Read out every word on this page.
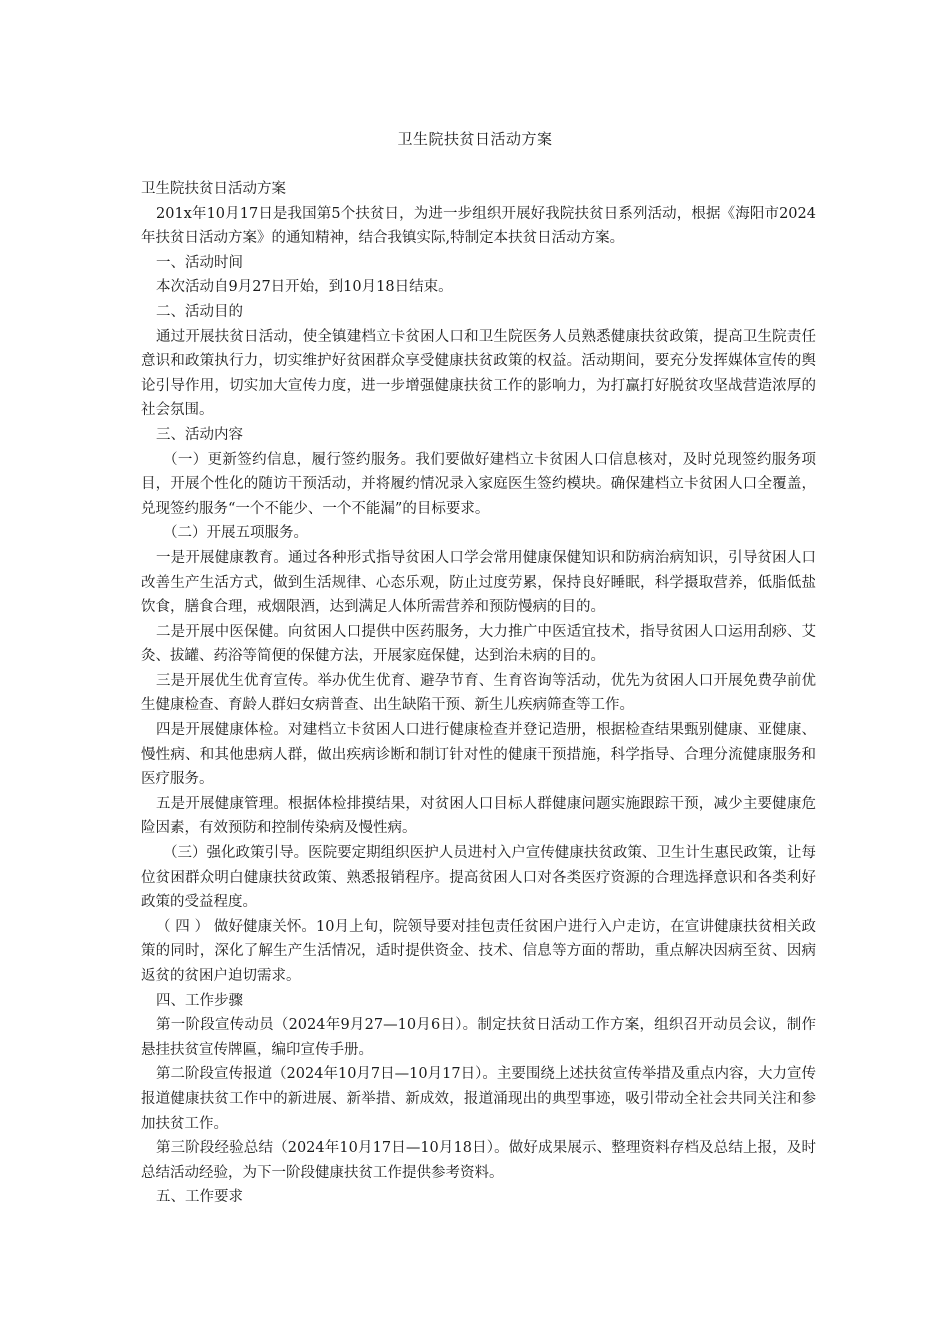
卫生院扶贫日活动方案

卫生院扶贫日活动方案

201x年10月17日是我国第5个扶贫日，为进一步组织开展好我院扶贫日系列活动，根据《海阳市2024年扶贫日活动方案》的通知精神，结合我镇实际,特制定本扶贫日活动方案。

一、活动时间

本次活动自9月27日开始，到10月18日结束。

二、活动目的

通过开展扶贫日活动，使全镇建档立卡贫困人口和卫生院医务人员熟悉健康扶贫政策，提高卫生院责任意识和政策执行力，切实维护好贫困群众享受健康扶贫政策的权益。活动期间，要充分发挥媒体宣传的舆论引导作用，切实加大宣传力度，进一步增强健康扶贫工作的影响力，为打赢打好脱贫攻坚战营造浓厚的社会氛围。

三、活动内容

（一）更新签约信息，履行签约服务。我们要做好建档立卡贫困人口信息核对，及时兑现签约服务项目，开展个性化的随访干预活动，并将履约情况录入家庭医生签约模块。确保建档立卡贫困人口全覆盖，兑现签约服务“一个不能少、一个不能漏”的目标要求。

（二）开展五项服务。

一是开展健康教育。通过各种形式指导贫困人口学会常用健康保健知识和防病治病知识，引导贫困人口改善生产生活方式，做到生活规律、心态乐观，防止过度劳累，保持良好睡眠，科学摄取营养，低脂低盐饮食，膳食合理，戒烟限酒，达到满足人体所需营养和预防慢病的目的。

二是开展中医保健。向贫困人口提供中医药服务，大力推广中医适宜技术，指导贫困人口运用刮痧、艾灸、拔罐、药浴等简便的保健方法，开展家庭保健，达到治未病的目的。

三是开展优生优育宣传。举办优生优育、避孕节育、生育咨询等活动，优先为贫困人口开展免费孕前优生健康检查、育龄人群妇女病普查、出生缺陷干预、新生儿疾病筛查等工作。

四是开展健康体检。对建档立卡贫困人口进行健康检查并登记造册，根据检查结果甄别健康、亚健康、慢性病、和其他患病人群，做出疾病诊断和制订针对性的健康干预措施，科学指导、合理分流健康服务和医疗服务。

五是开展健康管理。根据体检排摸结果，对贫困人口目标人群健康问题实施跟踪干预，减少主要健康危险因素，有效预防和控制传染病及慢性病。

（三）强化政策引导。医院要定期组织医护人员进村入户宣传健康扶贫政策、卫生计生惠民政策，让每位贫困群众明白健康扶贫政策、熟悉报销程序。提高贫困人口对各类医疗资源的合理选择意识和各类利好政策的受益程度。

（ 四 ） 做好健康关怀。10月上旬，院领导要对挂包责任贫困户进行入户走访，在宣讲健康扶贫相关政策的同时，深化了解生产生活情况，适时提供资金、技术、信息等方面的帮助，重点解决因病至贫、因病返贫的贫困户迫切需求。

四、工作步骤

第一阶段宣传动员（2024年9月27—10月6日）。制定扶贫日活动工作方案，组织召开动员会议，制作悬挂扶贫宣传牌匾，编印宣传手册。

第二阶段宣传报道（2024年10月7日—10月17日）。主要围绕上述扶贫宣传举措及重点内容，大力宣传报道健康扶贫工作中的新进展、新举措、新成效，报道涌现出的典型事迹，吸引带动全社会共同关注和参加扶贫工作。

第三阶段经验总结（2024年10月17日—10月18日）。做好成果展示、整理资料存档及总结上报，及时总结活动经验，为下一阶段健康扶贫工作提供参考资料。

五、工作要求
